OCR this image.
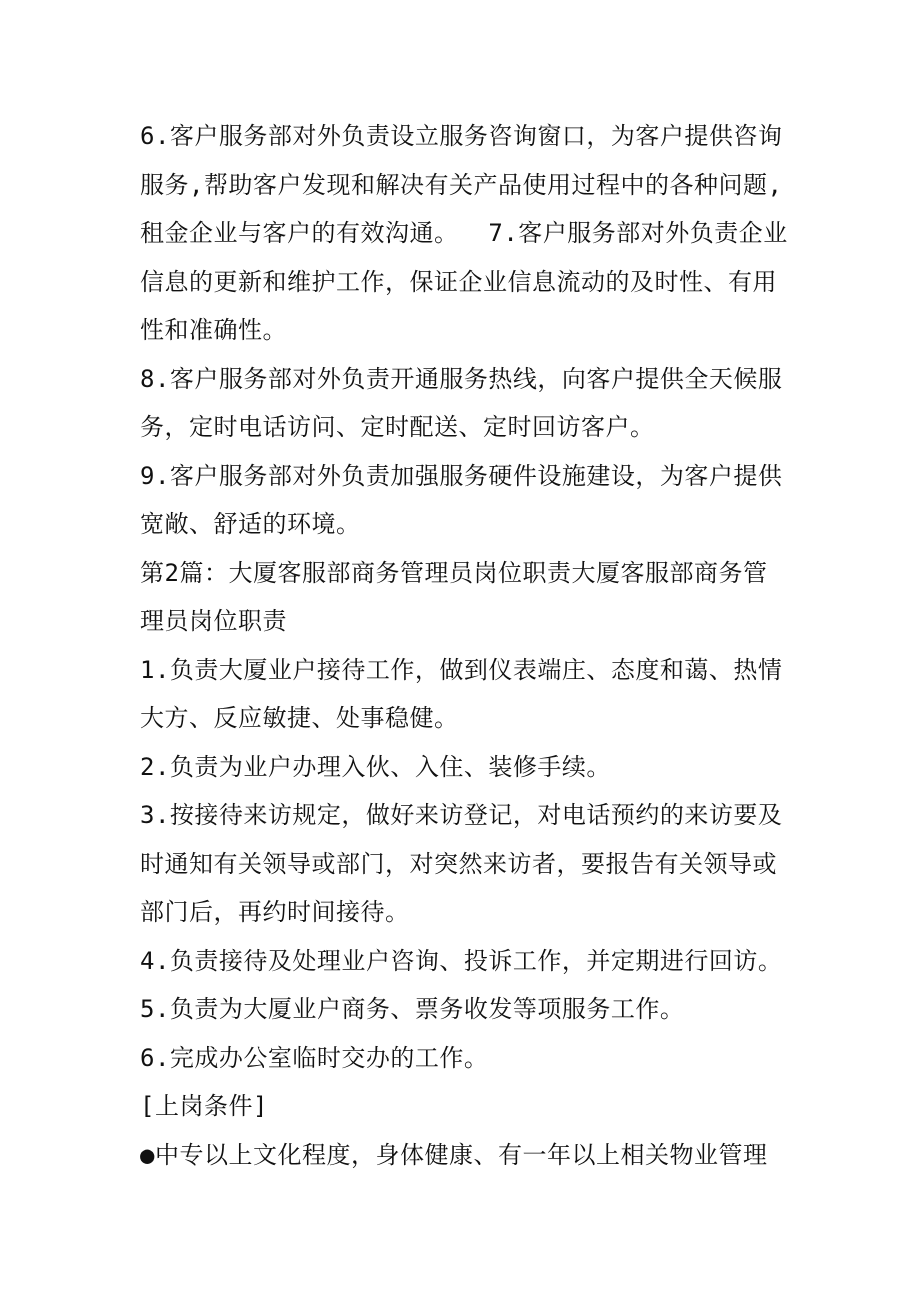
6.客户服务部对外负责设立服务咨询窗口，为客户提供咨询
服务,帮助客户发现和解决有关产品使用过程中的各种问题,
租金企业与客户的有效沟通。  7.客户服务部对外负责企业
信息的更新和维护工作，保证企业信息流动的及时性、有用
性和准确性。
8.客户服务部对外负责开通服务热线，向客户提供全天候服
务，定时电话访问、定时配送、定时回访客户。
9.客户服务部对外负责加强服务硬件设施建设，为客户提供
宽敞、舒适的环境。
第2篇：大厦客服部商务管理员岗位职责大厦客服部商务管
理员岗位职责
1.负责大厦业户接待工作，做到仪表端庄、态度和蔼、热情
大方、反应敏捷、处事稳健。
2.负责为业户办理入伙、入住、装修手续。
3.按接待来访规定，做好来访登记，对电话预约的来访要及
时通知有关领导或部门，对突然来访者，要报告有关领导或
部门后，再约时间接待。
4.负责接待及处理业户咨询、投诉工作，并定期进行回访。
5.负责为大厦业户商务、票务收发等项服务工作。
6.完成办公室临时交办的工作。
[上岗条件]
●中专以上文化程度，身体健康、有一年以上相关物业管理
